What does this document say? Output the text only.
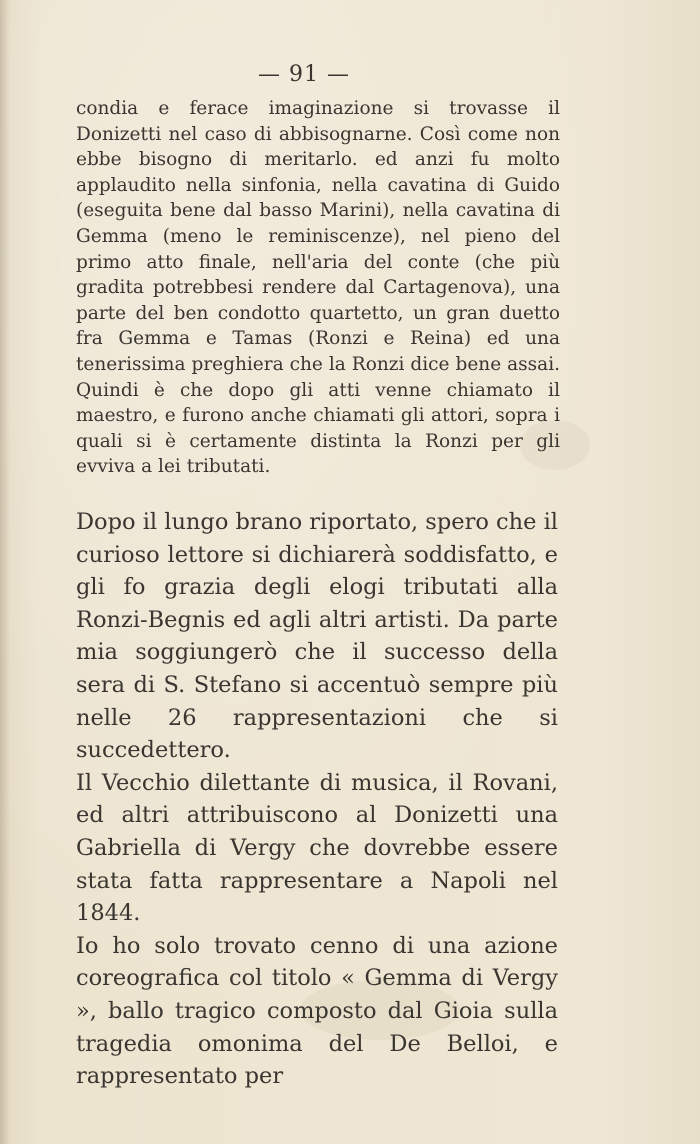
— 91 —

condia e ferace imaginazione si trovasse il Donizetti nel caso di abbisognarne. Così come non ebbe bisogno di meritarlo. ed anzi fu molto applaudito nella sinfonia, nella cavatina di Guido (eseguita bene dal basso Marini), nella cavatina di Gemma (meno le reminiscenze), nel pieno del primo atto finale, nell'aria del conte (che più gradita potrebbesi rendere dal Cartagenova), una parte del ben condotto quartetto, un gran duetto fra Gemma e Tamas (Ronzi e Reina) ed una tenerissima preghiera che la Ronzi dice bene assai. Quindi è che dopo gli atti venne chiamato il maestro, e furono anche chiamati gli attori, sopra i quali si è certamente distinta la Ronzi per gli evviva a lei tributati.

Dopo il lungo brano riportato, spero che il curioso lettore si dichiarerà soddisfatto, e gli fo grazia degli elogi tributati alla Ronzi-Begnis ed agli altri artisti. Da parte mia soggiungerò che il successo della sera di S. Stefano si accentuò sempre più nelle 26 rappresentazioni che si succedettero.

Il Vecchio dilettante di musica, il Rovani, ed altri attribuiscono al Donizetti una Gabriella di Vergy che dovrebbe essere stata fatta rappresentare a Napoli nel 1844.

Io ho solo trovato cenno di una azione coreografica col titolo « Gemma di Vergy », ballo tragico composto dal Gioia sulla tragedia omonima del De Belloi, e rappresentato per
